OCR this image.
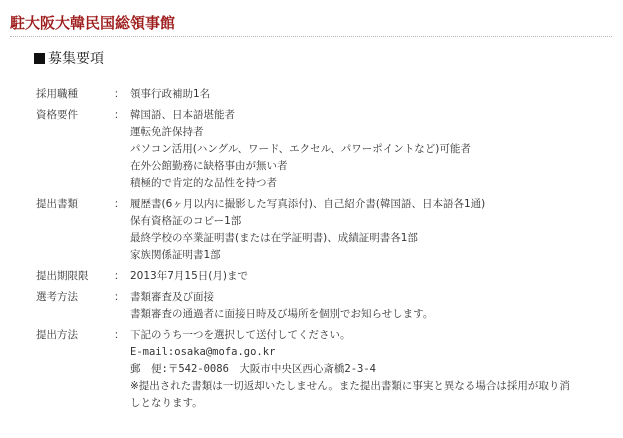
駐大阪大韓民国総領事館
募集要項
採用職種	：	領事行政補助1名

資格要件	：	韓国語、日本語堪能者
運転免許保持者
パソコン活用(ハングル、ワード、エクセル、パワーポイントなど)可能者
在外公館勤務に缺格事由が無い者
積極的で肯定的な品性を持つ者

提出書類	：	履歴書(6ヶ月以内に撮影した写真添付)、自己紹介書(韓国語、日本語各1通)
保有資格証のコピー1部
最終学校の卒業証明書(または在学証明書)、成績証明書各1部
家族関係証明書1部

提出期限限	：	2013年7月15日(月)まで

選考方法	：	書類審査及び面接
書類審査の通過者に面接日時及び場所を個別でお知らせします。

提出方法	：	下記のうち一つを選択して送付してください。
E-mail:osaka@mofa.go.kr
郵　便:〒542-0086　大阪市中央区西心斎橋2-3-4
※提出された書類は一切返却いたしません。また提出書類に事実と異なる場合は採用が取り消
しとなります。
